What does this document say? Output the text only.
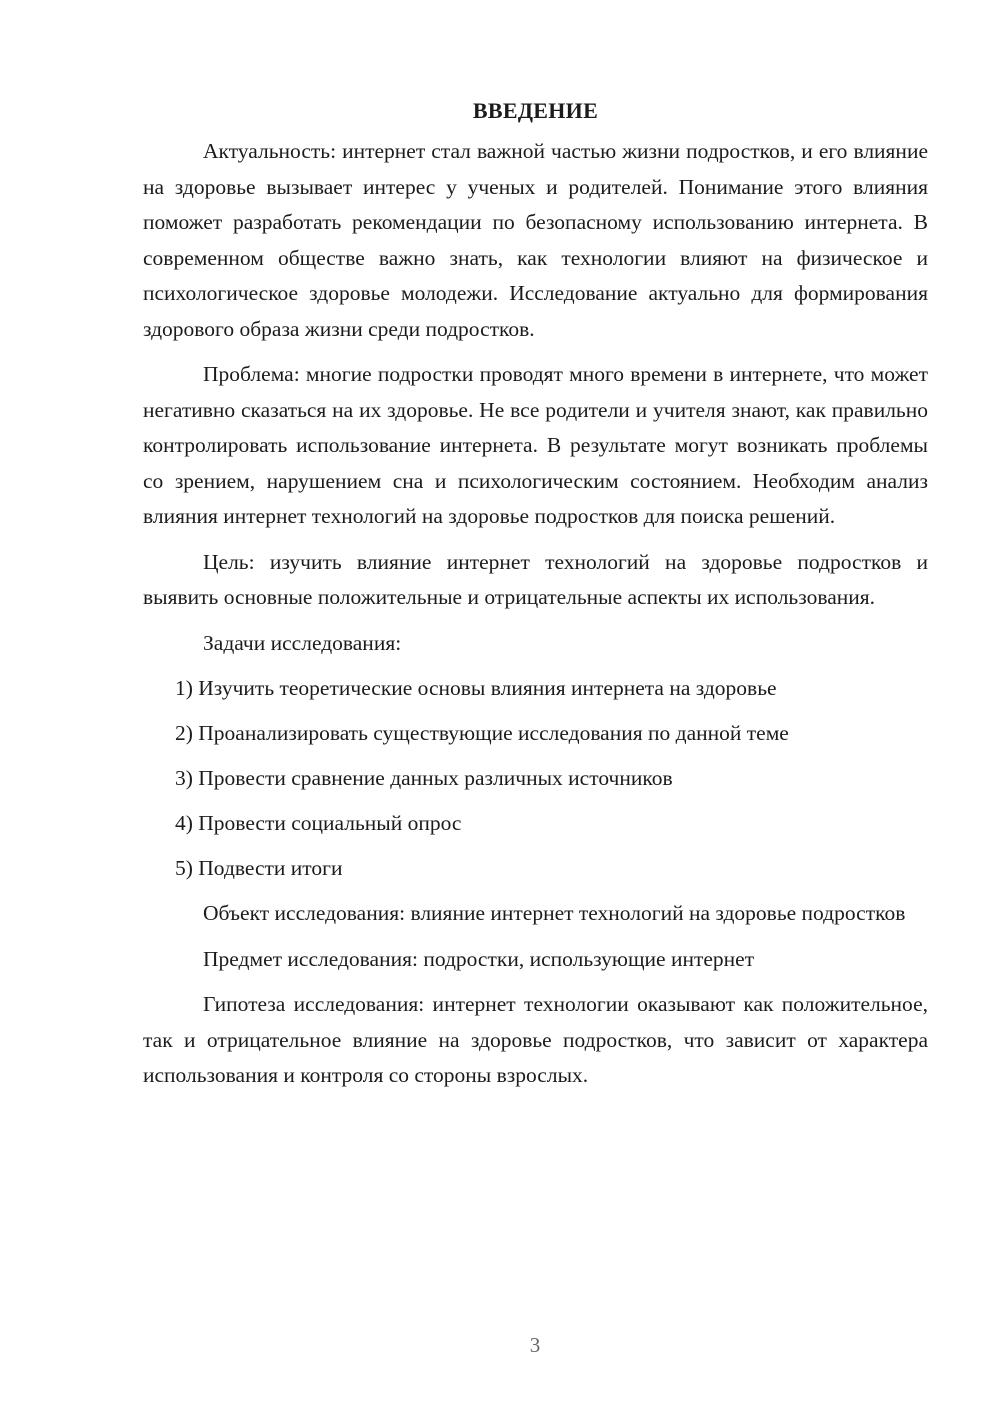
ВВЕДЕНИЕ

Актуальность: интернет стал важной частью жизни подростков, и его влияние на здоровье вызывает интерес у ученых и родителей. Понимание этого влияния поможет разработать рекомендации по безопасному использованию интернета. В современном обществе важно знать, как технологии влияют на физическое и психологическое здоровье молодежи. Исследование актуально для формирования здорового образа жизни среди подростков.

Проблема: многие подростки проводят много времени в интернете, что может негативно сказаться на их здоровье. Не все родители и учителя знают, как правильно контролировать использование интернета. В результате могут возникать проблемы со зрением, нарушением сна и психологическим состоянием. Необходим анализ влияния интернет технологий на здоровье подростков для поиска решений.

Цель: изучить влияние интернет технологий на здоровье подростков и выявить основные положительные и отрицательные аспекты их использования.

Задачи исследования:

1) Изучить теоретические основы влияния интернета на здоровье
2) Проанализировать существующие исследования по данной теме
3) Провести сравнение данных различных источников
4) Провести социальный опрос
5) Подвести итоги

Объект исследования: влияние интернет технологий на здоровье подростков

Предмет исследования: подростки, использующие интернет

Гипотеза исследования: интернет технологии оказывают как положительное, так и отрицательное влияние на здоровье подростков, что зависит от характера использования и контроля со стороны взрослых.

3
